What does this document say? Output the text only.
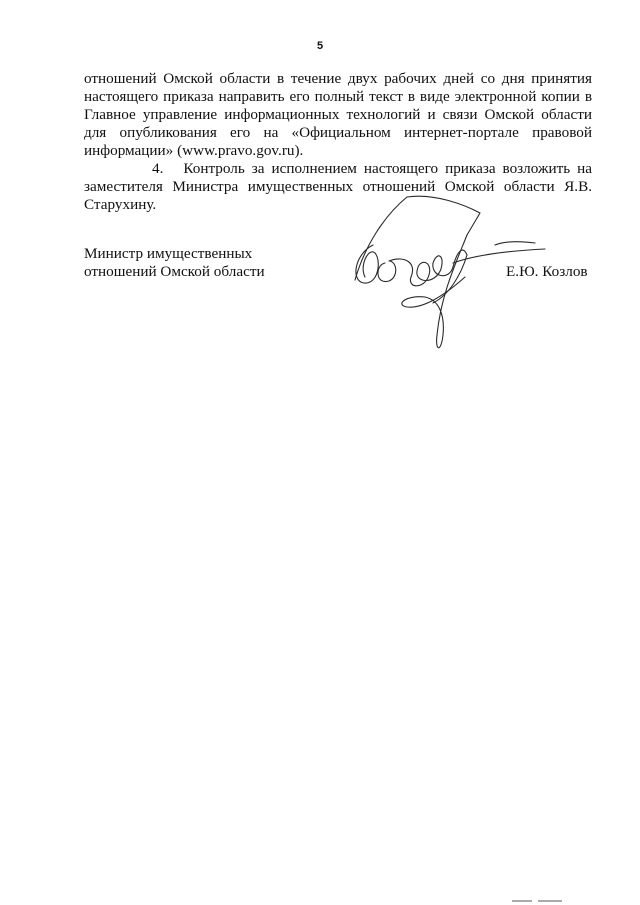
5

отношений Омской области в течение двух рабочих дней со дня принятия настоящего приказа направить его полный текст в виде электронной копии в Главное управление информационных технологий и связи Омской области для опубликования его на «Официальном интернет-портале правовой информации» (www.pravo.gov.ru).

4. Контроль за исполнением настоящего приказа возложить на заместителя Министра имущественных отношений Омской области Я.В. Старухину.

Министр имущественных
отношений Омской области	Е.Ю. Козлов
